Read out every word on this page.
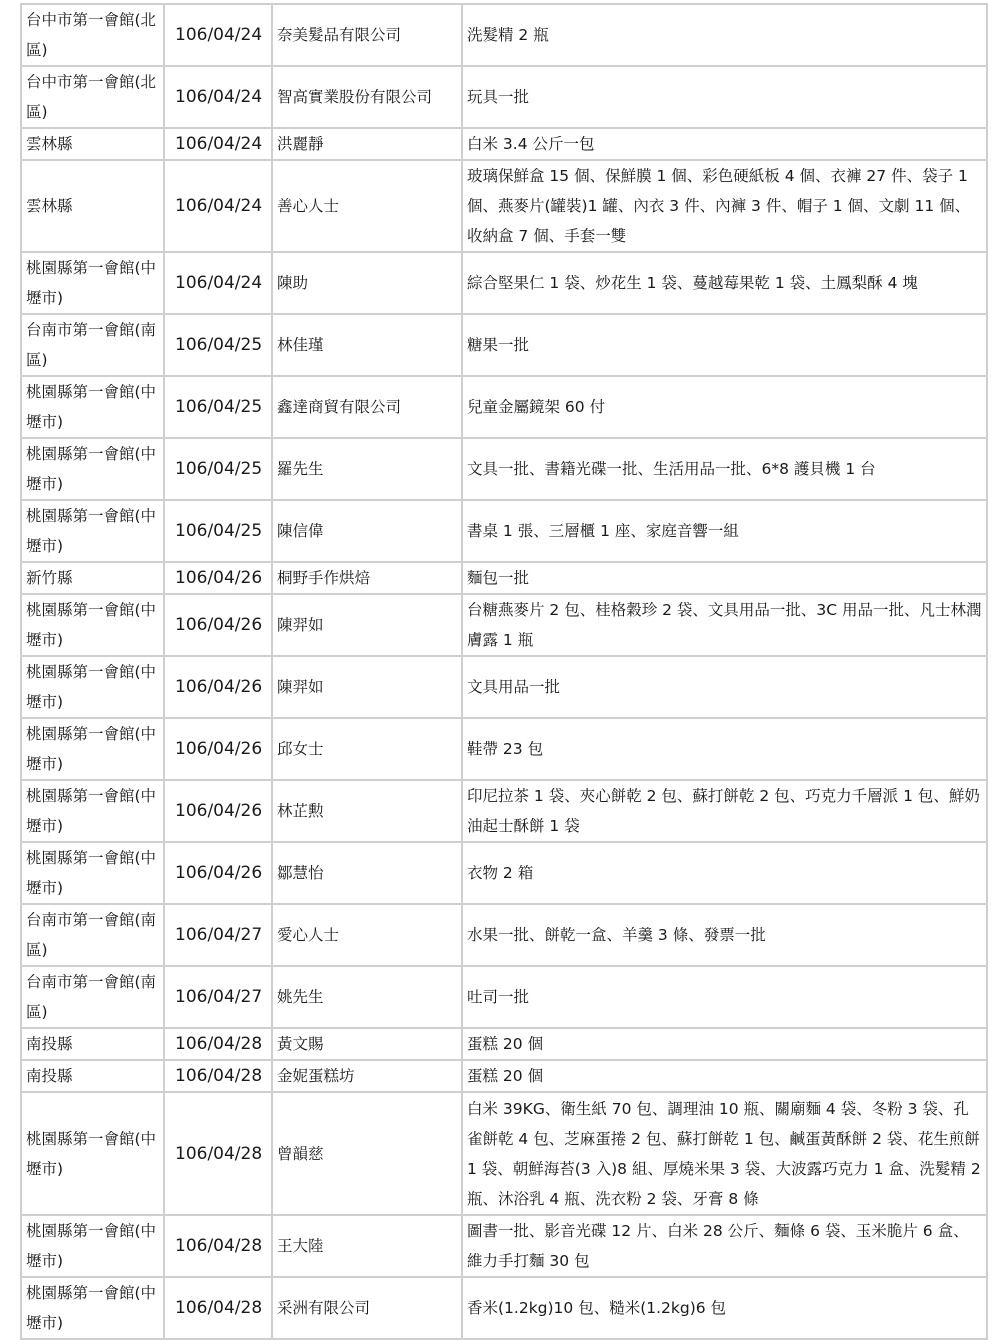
台中市第一會館(北區)	106/04/24	奈美髮品有限公司	洗髮精 2 瓶
台中市第一會館(北區)	106/04/24	智高實業股份有限公司	玩具一批
雲林縣	106/04/24	洪麗靜	白米 3.4 公斤一包
雲林縣	106/04/24	善心人士	玻璃保鮮盒 15 個、保鮮膜 1 個、彩色硬紙板 4 個、衣褲 27 件、袋子 1 個、燕麥片(罐裝)1 罐、內衣 3 件、內褲 3 件、帽子 1 個、文劇 11 個、收納盒 7 個、手套一雙
桃園縣第一會館(中壢市)	106/04/24	陳助	綜合堅果仁 1 袋、炒花生 1 袋、蔓越莓果乾 1 袋、土鳳梨酥 4 塊
台南市第一會館(南區)	106/04/25	林佳瑾	糖果一批
桃園縣第一會館(中壢市)	106/04/25	鑫達商貿有限公司	兒童金屬鏡架 60 付
桃園縣第一會館(中壢市)	106/04/25	羅先生	文具一批、書籍光碟一批、生活用品一批、6*8 護貝機 1 台
桃園縣第一會館(中壢市)	106/04/25	陳信偉	書桌 1 張、三層櫃 1 座、家庭音響一組
新竹縣	106/04/26	桐野手作烘焙	麵包一批
桃園縣第一會館(中壢市)	106/04/26	陳羿如	台糖燕麥片 2 包、桂格穀珍 2 袋、文具用品一批、3C 用品一批、凡士林潤膚露 1 瓶
桃園縣第一會館(中壢市)	106/04/26	陳羿如	文具用品一批
桃園縣第一會館(中壢市)	106/04/26	邱女士	鞋帶 23 包
桃園縣第一會館(中壢市)	106/04/26	林芷勲	印尼拉茶 1 袋、夾心餅乾 2 包、蘇打餅乾 2 包、巧克力千層派 1 包、鮮奶油起士酥餅 1 袋
桃園縣第一會館(中壢市)	106/04/26	鄒慧怡	衣物 2 箱
台南市第一會館(南區)	106/04/27	愛心人士	水果一批、餅乾一盒、羊羹 3 條、發票一批
台南市第一會館(南區)	106/04/27	姚先生	吐司一批
南投縣	106/04/28	黃文賜	蛋糕 20 個
南投縣	106/04/28	金妮蛋糕坊	蛋糕 20 個
桃園縣第一會館(中壢市)	106/04/28	曾韻慈	白米 39KG、衛生紙 70 包、調理油 10 瓶、關廟麵 4 袋、冬粉 3 袋、孔雀餅乾 4 包、芝麻蛋捲 2 包、蘇打餅乾 1 包、鹹蛋黃酥餅 2 袋、花生煎餅 1 袋、朝鮮海苔(3 入)8 組、厚燒米果 3 袋、大波露巧克力 1 盒、洗髮精 2 瓶、沐浴乳 4 瓶、洗衣粉 2 袋、牙膏 8 條
桃園縣第一會館(中壢市)	106/04/28	王大陸	圖書一批、影音光碟 12 片、白米 28 公斤、麵條 6 袋、玉米脆片 6 盒、維力手打麵 30 包
桃園縣第一會館(中壢市)	106/04/28	采洲有限公司	香米(1.2kg)10 包、糙米(1.2kg)6 包
